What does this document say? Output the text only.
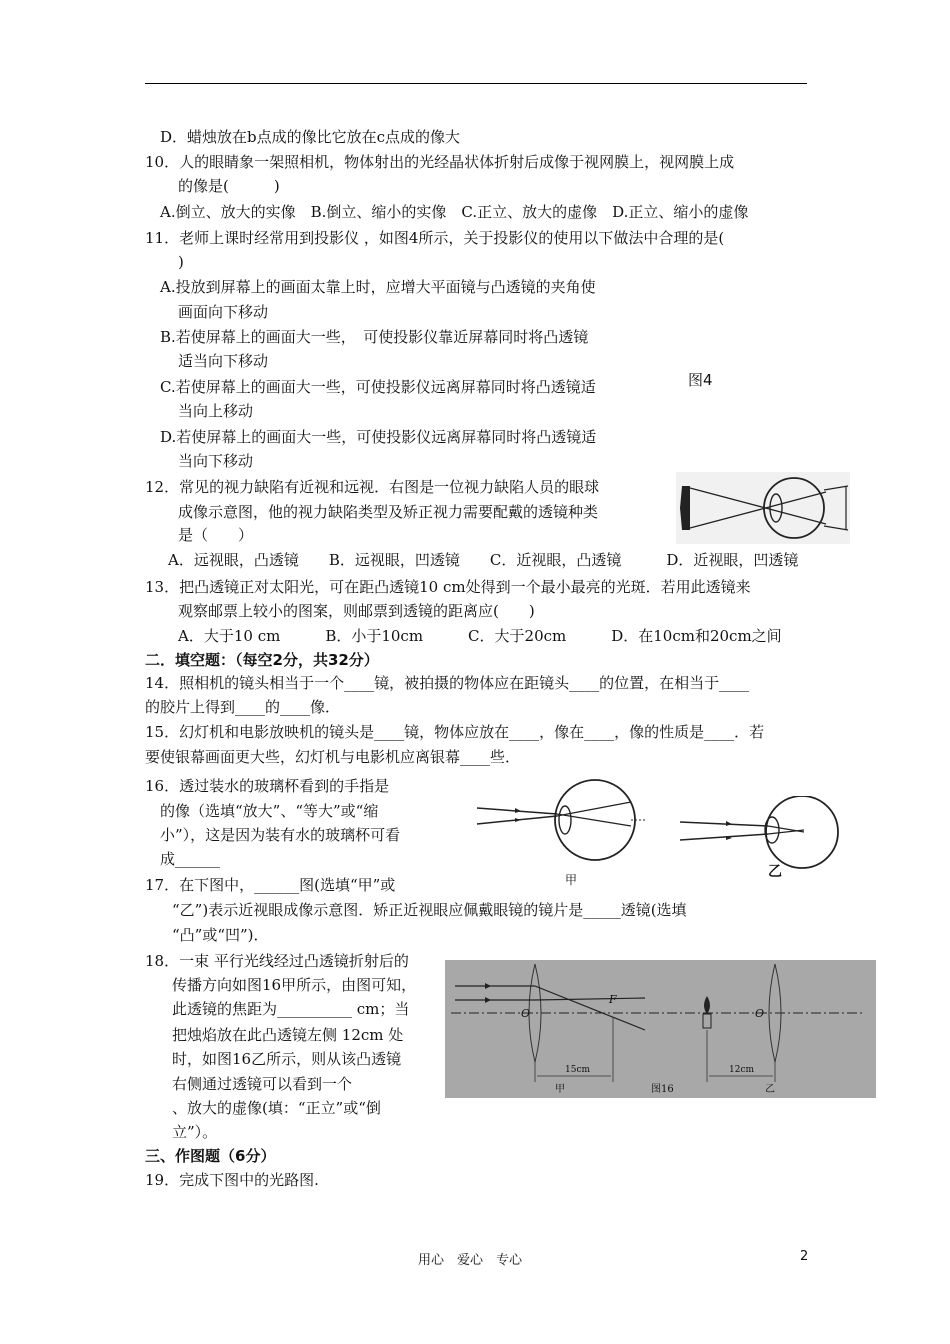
D．蜡烛放在b点成的像比它放在c点成的像大
10．人的眼睛象一架照相机，物体射出的光经晶状体折射后成像于视网膜上，视网膜上成
的像是(　　　)
A.倒立、放大的实像　B.倒立、缩小的实像　C.正立、放大的虚像　D.正立、缩小的虚像
11．老师上课时经常用到投影仪 ，如图4所示，关于投影仪的使用以下做法中合理的是(
)
A.投放到屏幕上的画面太靠上时，应增大平面镜与凸透镜的夹角使
画面向下移动
B.若使屏幕上的画面大一些，　可使投影仪靠近屏幕同时将凸透镜
适当向下移动
C.若使屏幕上的画面大一些，可使投影仪远离屏幕同时将凸透镜适
当向上移动
D.若使屏幕上的画面大一些，可使投影仪远离屏幕同时将凸透镜适
当向下移动
12．常见的视力缺陷有近视和远视．右图是一位视力缺陷人员的眼球
成像示意图，他的视力缺陷类型及矫正视力需要配戴的透镜种类
是（　　）
A．远视眼，凸透镜　　B．远视眼，凹透镜　　C．近视眼，凸透镜　　　D．近视眼，凹透镜
13．把凸透镜正对太阳光，可在距凸透镜10 cm处得到一个最小最亮的光斑．若用此透镜来
观察邮票上较小的图案，则邮票到透镜的距离应(　　)
A．大于10 cm　　　B．小于10cm　　　C．大于20cm　　　D．在10cm和20cm之间
二．填空题：（每空2分，共32分）
14．照相机的镜头相当于一个____镜，被拍摄的物体应在距镜头____的位置，在相当于____
的胶片上得到____的____像．
15．幻灯机和电影放映机的镜头是____镜，物体应放在____，像在____，像的性质是____．若
要使银幕画面更大些，幻灯机与电影机应离银幕____些．
16．透过装水的玻璃杯看到的手指是
的像（选填“放大”、“等大”或“缩
小”），这是因为装有水的玻璃杯可看
成______
17．在下图中，______图(选填“甲”或
“乙”)表示近视眼成像示意图．矫正近视眼应佩戴眼镜的镜片是_____透镜(选填
“凸”或“凹”)．
18．一束 平行光线经过凸透镜折射后的
传播方向如图16甲所示，由图可知，
此透镜的焦距为__________ cm；当
把烛焰放在此凸透镜左侧 12cm 处
时，如图16乙所示，则从该凸透镜
右侧通过透镜可以看到一个
、放大的虚像(填：“正立”或“倒
立”）。
三、作图题（6分）
19．完成下图中的光路图.
图4
甲	乙
O
F
15cm
O
12cm
甲	图16	乙
用心　爱心　专心	2
